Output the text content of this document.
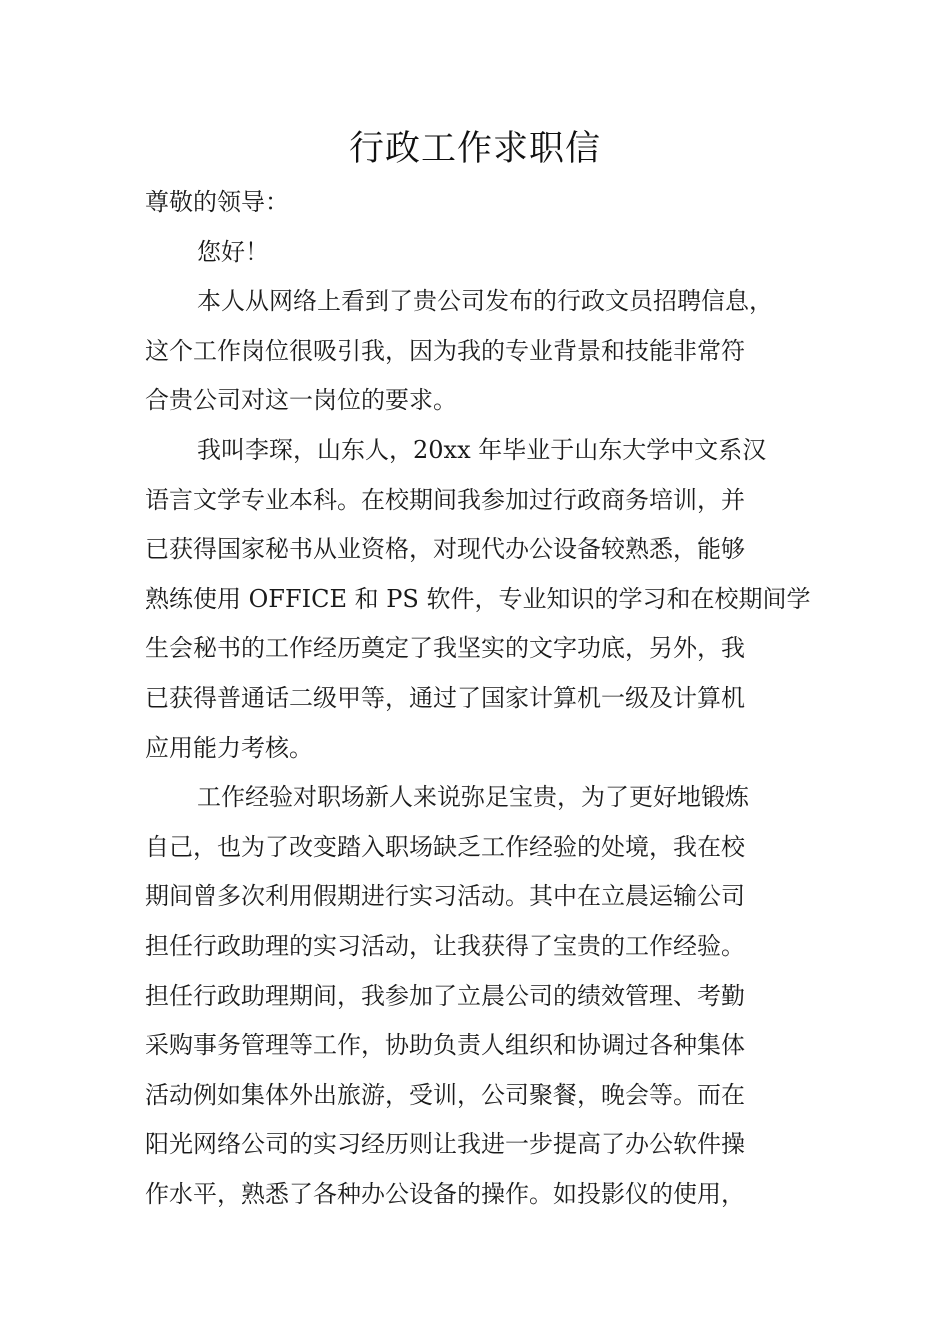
行政工作求职信
尊敬的领导：
您好！
本人从网络上看到了贵公司发布的行政文员招聘信息，
这个工作岗位很吸引我，因为我的专业背景和技能非常符
合贵公司对这一岗位的要求。
我叫李琛，山东人，20xx 年毕业于山东大学中文系汉
语言文学专业本科。在校期间我参加过行政商务培训，并
已获得国家秘书从业资格，对现代办公设备较熟悉，能够
熟练使用 OFFICE 和 PS 软件，专业知识的学习和在校期间学
生会秘书的工作经历奠定了我坚实的文字功底，另外，我
已获得普通话二级甲等，通过了国家计算机一级及计算机
应用能力考核。
工作经验对职场新人来说弥足宝贵，为了更好地锻炼
自己，也为了改变踏入职场缺乏工作经验的处境，我在校
期间曾多次利用假期进行实习活动。其中在立晨运输公司
担任行政助理的实习活动，让我获得了宝贵的工作经验。
担任行政助理期间，我参加了立晨公司的绩效管理、考勤
采购事务管理等工作，协助负责人组织和协调过各种集体
活动例如集体外出旅游，受训，公司聚餐，晚会等。而在
阳光网络公司的实习经历则让我进一步提高了办公软件操
作水平，熟悉了各种办公设备的操作。如投影仪的使用，
